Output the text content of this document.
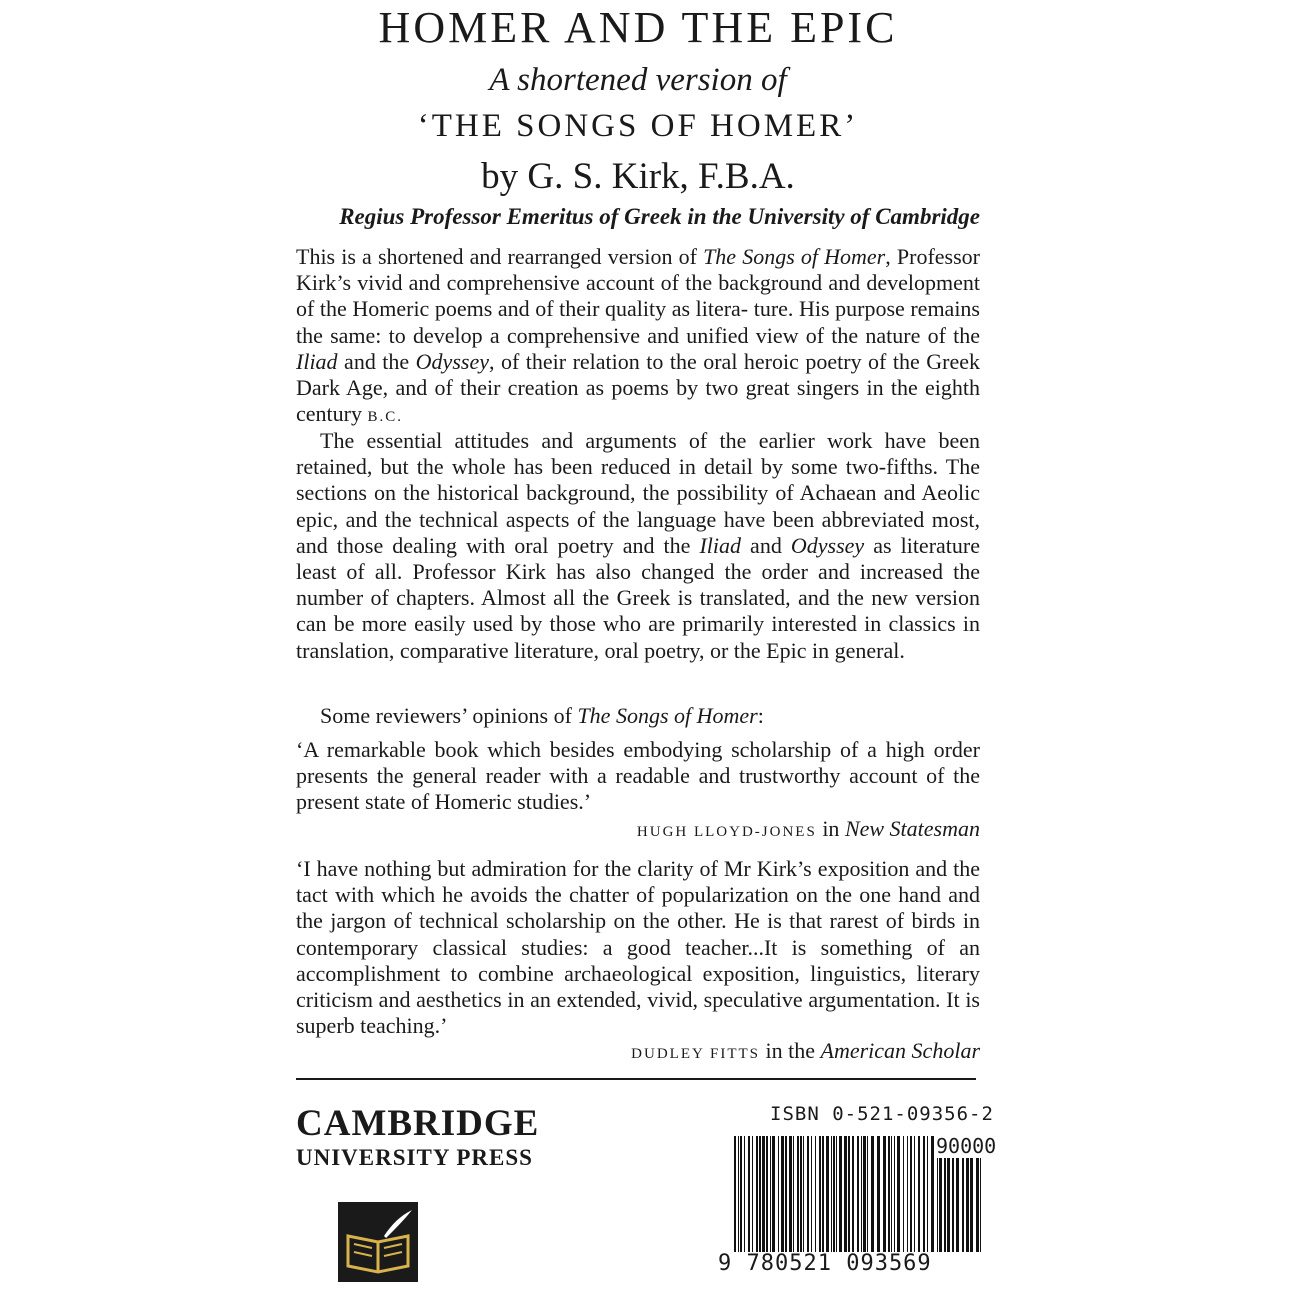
HOMER AND THE EPIC
A shortened version of
‘THE SONGS OF HOMER’
by G. S. Kirk, F.B.A.
Regius Professor Emeritus of Greek in the University of Cambridge

This is a shortened and rearranged version of The Songs of Homer, Professor Kirk’s vivid and comprehensive account of the background and development of the Homeric poems and of their quality as litera- ture. His purpose remains the same: to develop a comprehensive and unified view of the nature of the Iliad and the Odyssey, of their relation to the oral heroic poetry of the Greek Dark Age, and of their creation as poems by two great singers in the eighth century B.C.

The essential attitudes and arguments of the earlier work have been retained, but the whole has been reduced in detail by some two-fifths. The sections on the historical background, the possibility of Achaean and Aeolic epic, and the technical aspects of the language have been abbreviated most, and those dealing with oral poetry and the Iliad and Odyssey as literature least of all. Professor Kirk has also changed the order and increased the number of chapters. Almost all the Greek is translated, and the new version can be more easily used by those who are primarily interested in classics in translation, comparative literature, oral poetry, or the Epic in general.

Some reviewers’ opinions of The Songs of Homer:

‘A remarkable book which besides embodying scholarship of a high order presents the general reader with a readable and trustworthy account of the present state of Homeric studies.’

HUGH LLOYD-JONES in New Statesman

‘I have nothing but admiration for the clarity of Mr Kirk’s exposition and the tact with which he avoids the chatter of popularization on the one hand and the jargon of technical scholarship on the other. He is that rarest of birds in contemporary classical studies: a good teacher...It is something of an accomplishment to combine archaeological exposition, linguistics, literary criticism and aesthetics in an extended, vivid, speculative argumentation. It is superb teaching.’

DUDLEY FITTS in the American Scholar
CAMBRIDGE
UNIVERSITY PRESS
ISBN 0-521-09356-2
90000
9 780521 093569
